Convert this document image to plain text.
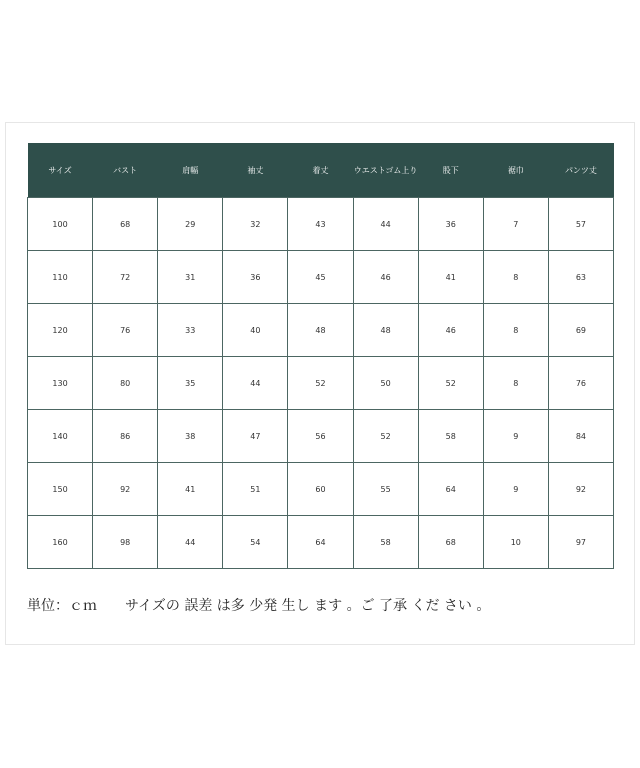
サイズ	バスト	肩幅	袖丈	着丈	ウエストゴム上り	股下	裾巾	パンツ丈
100	68	29	32	43	44	36	7	57
110	72	31	36	45	46	41	8	63
120	76	33	40	48	48	46	8	69
130	80	35	44	52	50	52	8	76
140	86	38	47	56	52	58	9	84
150	92	41	51	60	55	64	9	92
160	98	44	54	64	58	68	10	97
単位：ｃｍ　　サイズの 誤差 は多 少発 生し ます 。ご 了承 くだ さい 。
